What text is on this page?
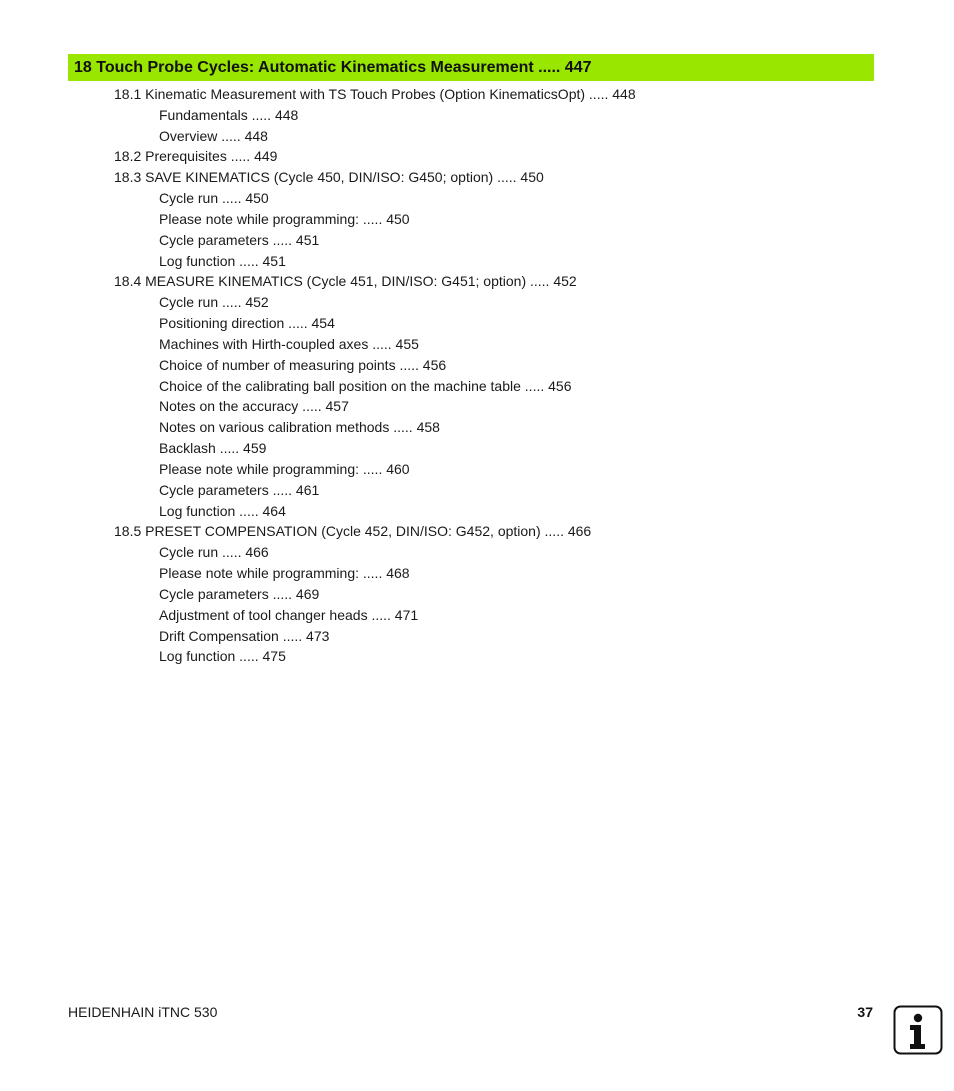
18 Touch Probe Cycles: Automatic Kinematics Measurement ..... 447
18.1 Kinematic Measurement with TS Touch Probes (Option KinematicsOpt) ..... 448
Fundamentals ..... 448
Overview ..... 448
18.2 Prerequisites ..... 449
18.3 SAVE KINEMATICS (Cycle 450, DIN/ISO: G450; option) ..... 450
Cycle run ..... 450
Please note while programming: ..... 450
Cycle parameters ..... 451
Log function ..... 451
18.4 MEASURE KINEMATICS (Cycle 451, DIN/ISO: G451; option) ..... 452
Cycle run ..... 452
Positioning direction ..... 454
Machines with Hirth-coupled axes ..... 455
Choice of number of measuring points ..... 456
Choice of the calibrating ball position on the machine table ..... 456
Notes on the accuracy ..... 457
Notes on various calibration methods ..... 458
Backlash ..... 459
Please note while programming: ..... 460
Cycle parameters ..... 461
Log function ..... 464
18.5 PRESET COMPENSATION (Cycle 452, DIN/ISO: G452, option) ..... 466
Cycle run ..... 466
Please note while programming: ..... 468
Cycle parameters ..... 469
Adjustment of tool changer heads ..... 471
Drift Compensation ..... 473
Log function ..... 475
HEIDENHAIN iTNC 530	37
